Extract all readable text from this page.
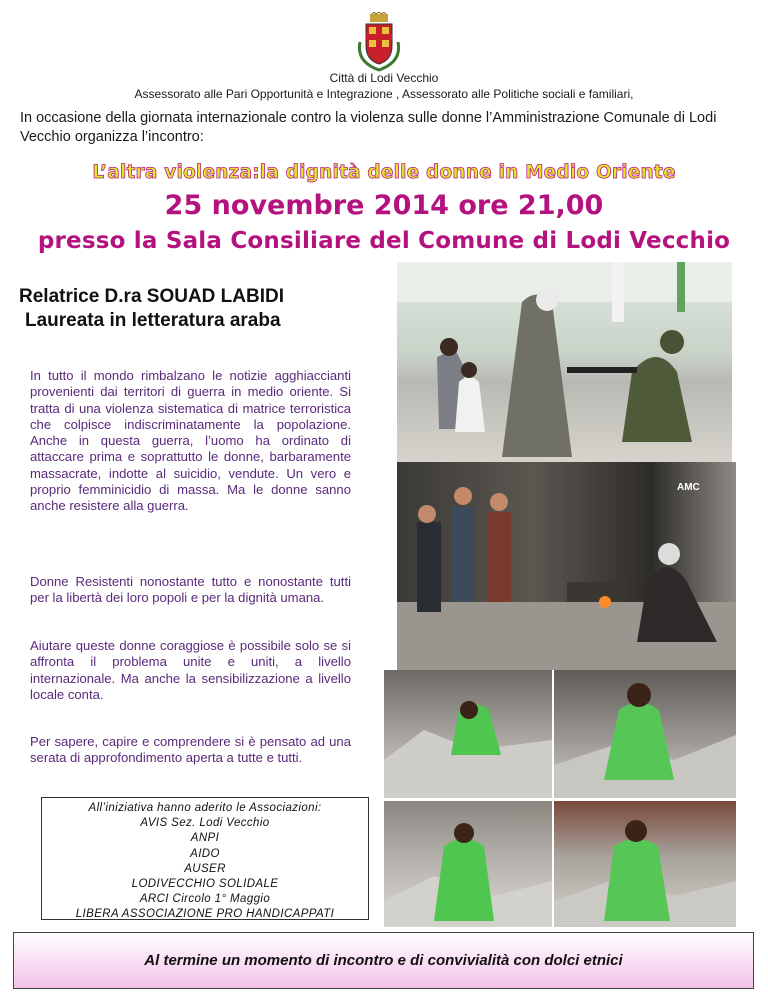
Città di Lodi Vecchio
Assessorato alle Pari Opportunità e Integrazione , Assessorato alle Politiche sociali e familiari,
In occasione della giornata internazionale contro la violenza sulle donne l’Amministrazione Comunale di Lodi Vecchio organizza l’incontro:
L’altra violenza:la dignità delle donne in Medio Oriente
25 novembre 2014 ore 21,00
presso la Sala Consiliare del Comune di Lodi Vecchio
Relatrice D.ra SOUAD LABIDI
Laureata in letteratura araba
In tutto il mondo rimbalzano le notizie agghiaccianti provenienti dai territori di guerra in medio oriente. Si tratta di una violenza sistematica di matrice terroristica che colpisce indiscriminatamente la popolazione. Anche in questa guerra, l’uomo ha ordinato di attaccare prima e soprattutto le donne, barbaramente massacrate, indotte al suicidio, vendute. Un vero e proprio femminicidio di massa. Ma le donne sanno anche resistere alla guerra.
Donne Resistenti nonostante tutto e nonostante tutti per la libertà dei loro popoli e per la dignità umana.
Aiutare queste donne coraggiose è possibile solo se si affronta il problema unite e uniti, a livello internazionale. Ma anche la sensibilizzazione a livello locale conta.
Per sapere, capire e comprendere si è pensato ad una serata di approfondimento aperta a tutte e tutti.
All’iniziativa hanno aderito le Associazioni:
AVIS Sez. Lodi Vecchio
ANPI
AIDO
AUSER
LODIVECCHIO SOLIDALE
ARCI Circolo 1° Maggio
LIBERA ASSOCIAZIONE PRO HANDICAPPATI
AMC
Al termine un momento di incontro e di convivialità con dolci etnici
